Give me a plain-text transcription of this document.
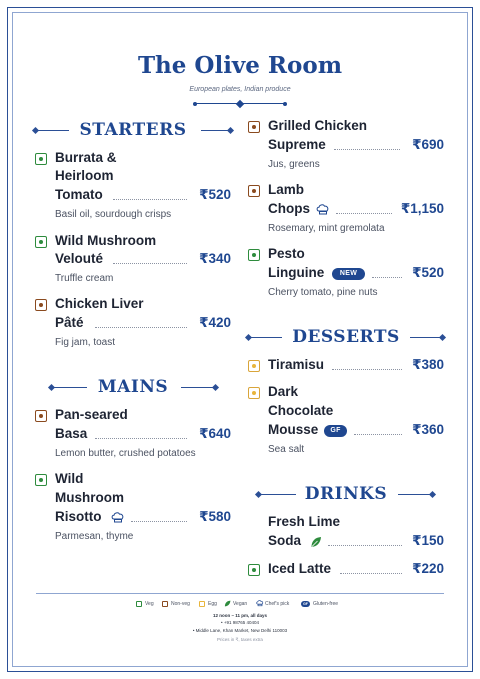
The Olive Room
European plates, Indian produce
STARTERS
Burrata &
Heirloom
Tomato	₹520
Basil oil, sourdough crisps
Wild Mushroom
Velouté	₹340
Truffle cream
Chicken Liver
Pâté	₹420
Fig jam, toast
MAINS
Pan-seared
Basa	₹640
Lemon butter, crushed potatoes
Wild
Mushroom
Risotto	₹580
Parmesan, thyme
Grilled Chicken
Supreme	₹690
Jus, greens
Lamb
Chops	₹1,150
Rosemary, mint gremolata
Pesto
Linguine	NEW	₹520
Cherry tomato, pine nuts
DESSERTS
Tiramisu	₹380
Dark
Chocolate
Mousse	GF	₹360
Sea salt
DRINKS
Fresh Lime
Soda	₹150
Iced Latte	₹220
Veg	Non-veg	Egg	Vegan	Chef's pick	GF	Gluten-free
12 noon – 11 pm, all days
• +91 98765 40404
• Middle Lane, Khan Market, New Delhi 110003
Prices in ₹, taxes extra
